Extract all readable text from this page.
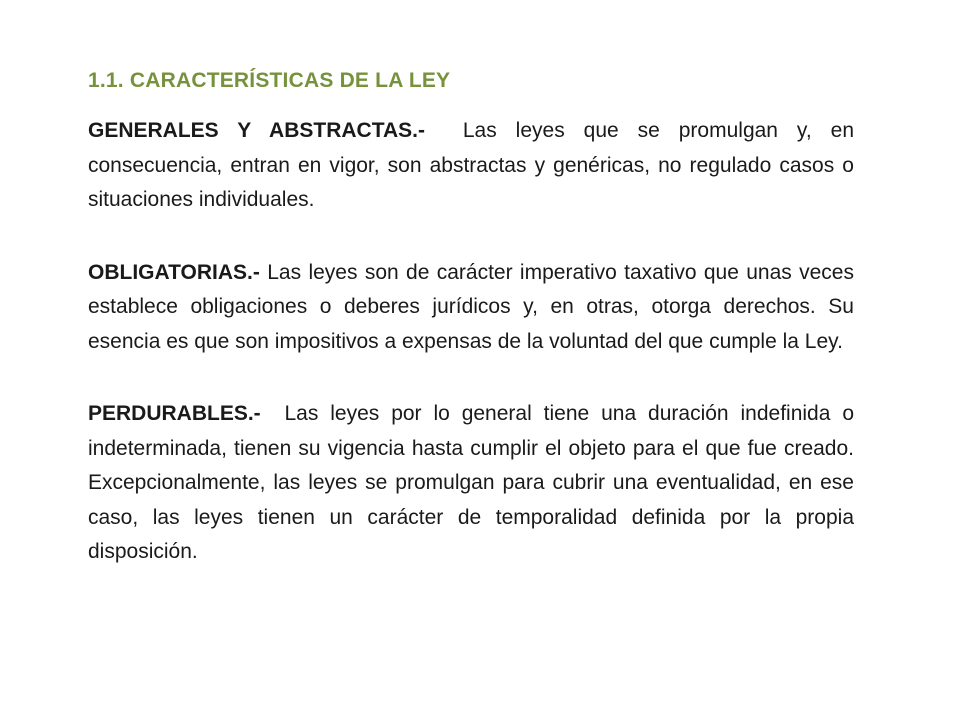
1.1. CARACTERÍSTICAS DE LA LEY

GENERALES Y ABSTRACTAS.- Las leyes que se promulgan y, en consecuencia, entran en vigor, son abstractas y genéricas, no regulado casos o situaciones individuales.

OBLIGATORIAS.- Las leyes son de carácter imperativo taxativo que unas veces establece obligaciones o deberes jurídicos y, en otras, otorga derechos. Su esencia es que son impositivos a expensas de la voluntad del que cumple la Ley.

PERDURABLES.- Las leyes por lo general tiene una duración indefinida o indeterminada, tienen su vigencia hasta cumplir el objeto para el que fue creado. Excepcionalmente, las leyes se promulgan para cubrir una eventualidad, en ese caso, las leyes tienen un carácter de temporalidad definida por la propia disposición.
